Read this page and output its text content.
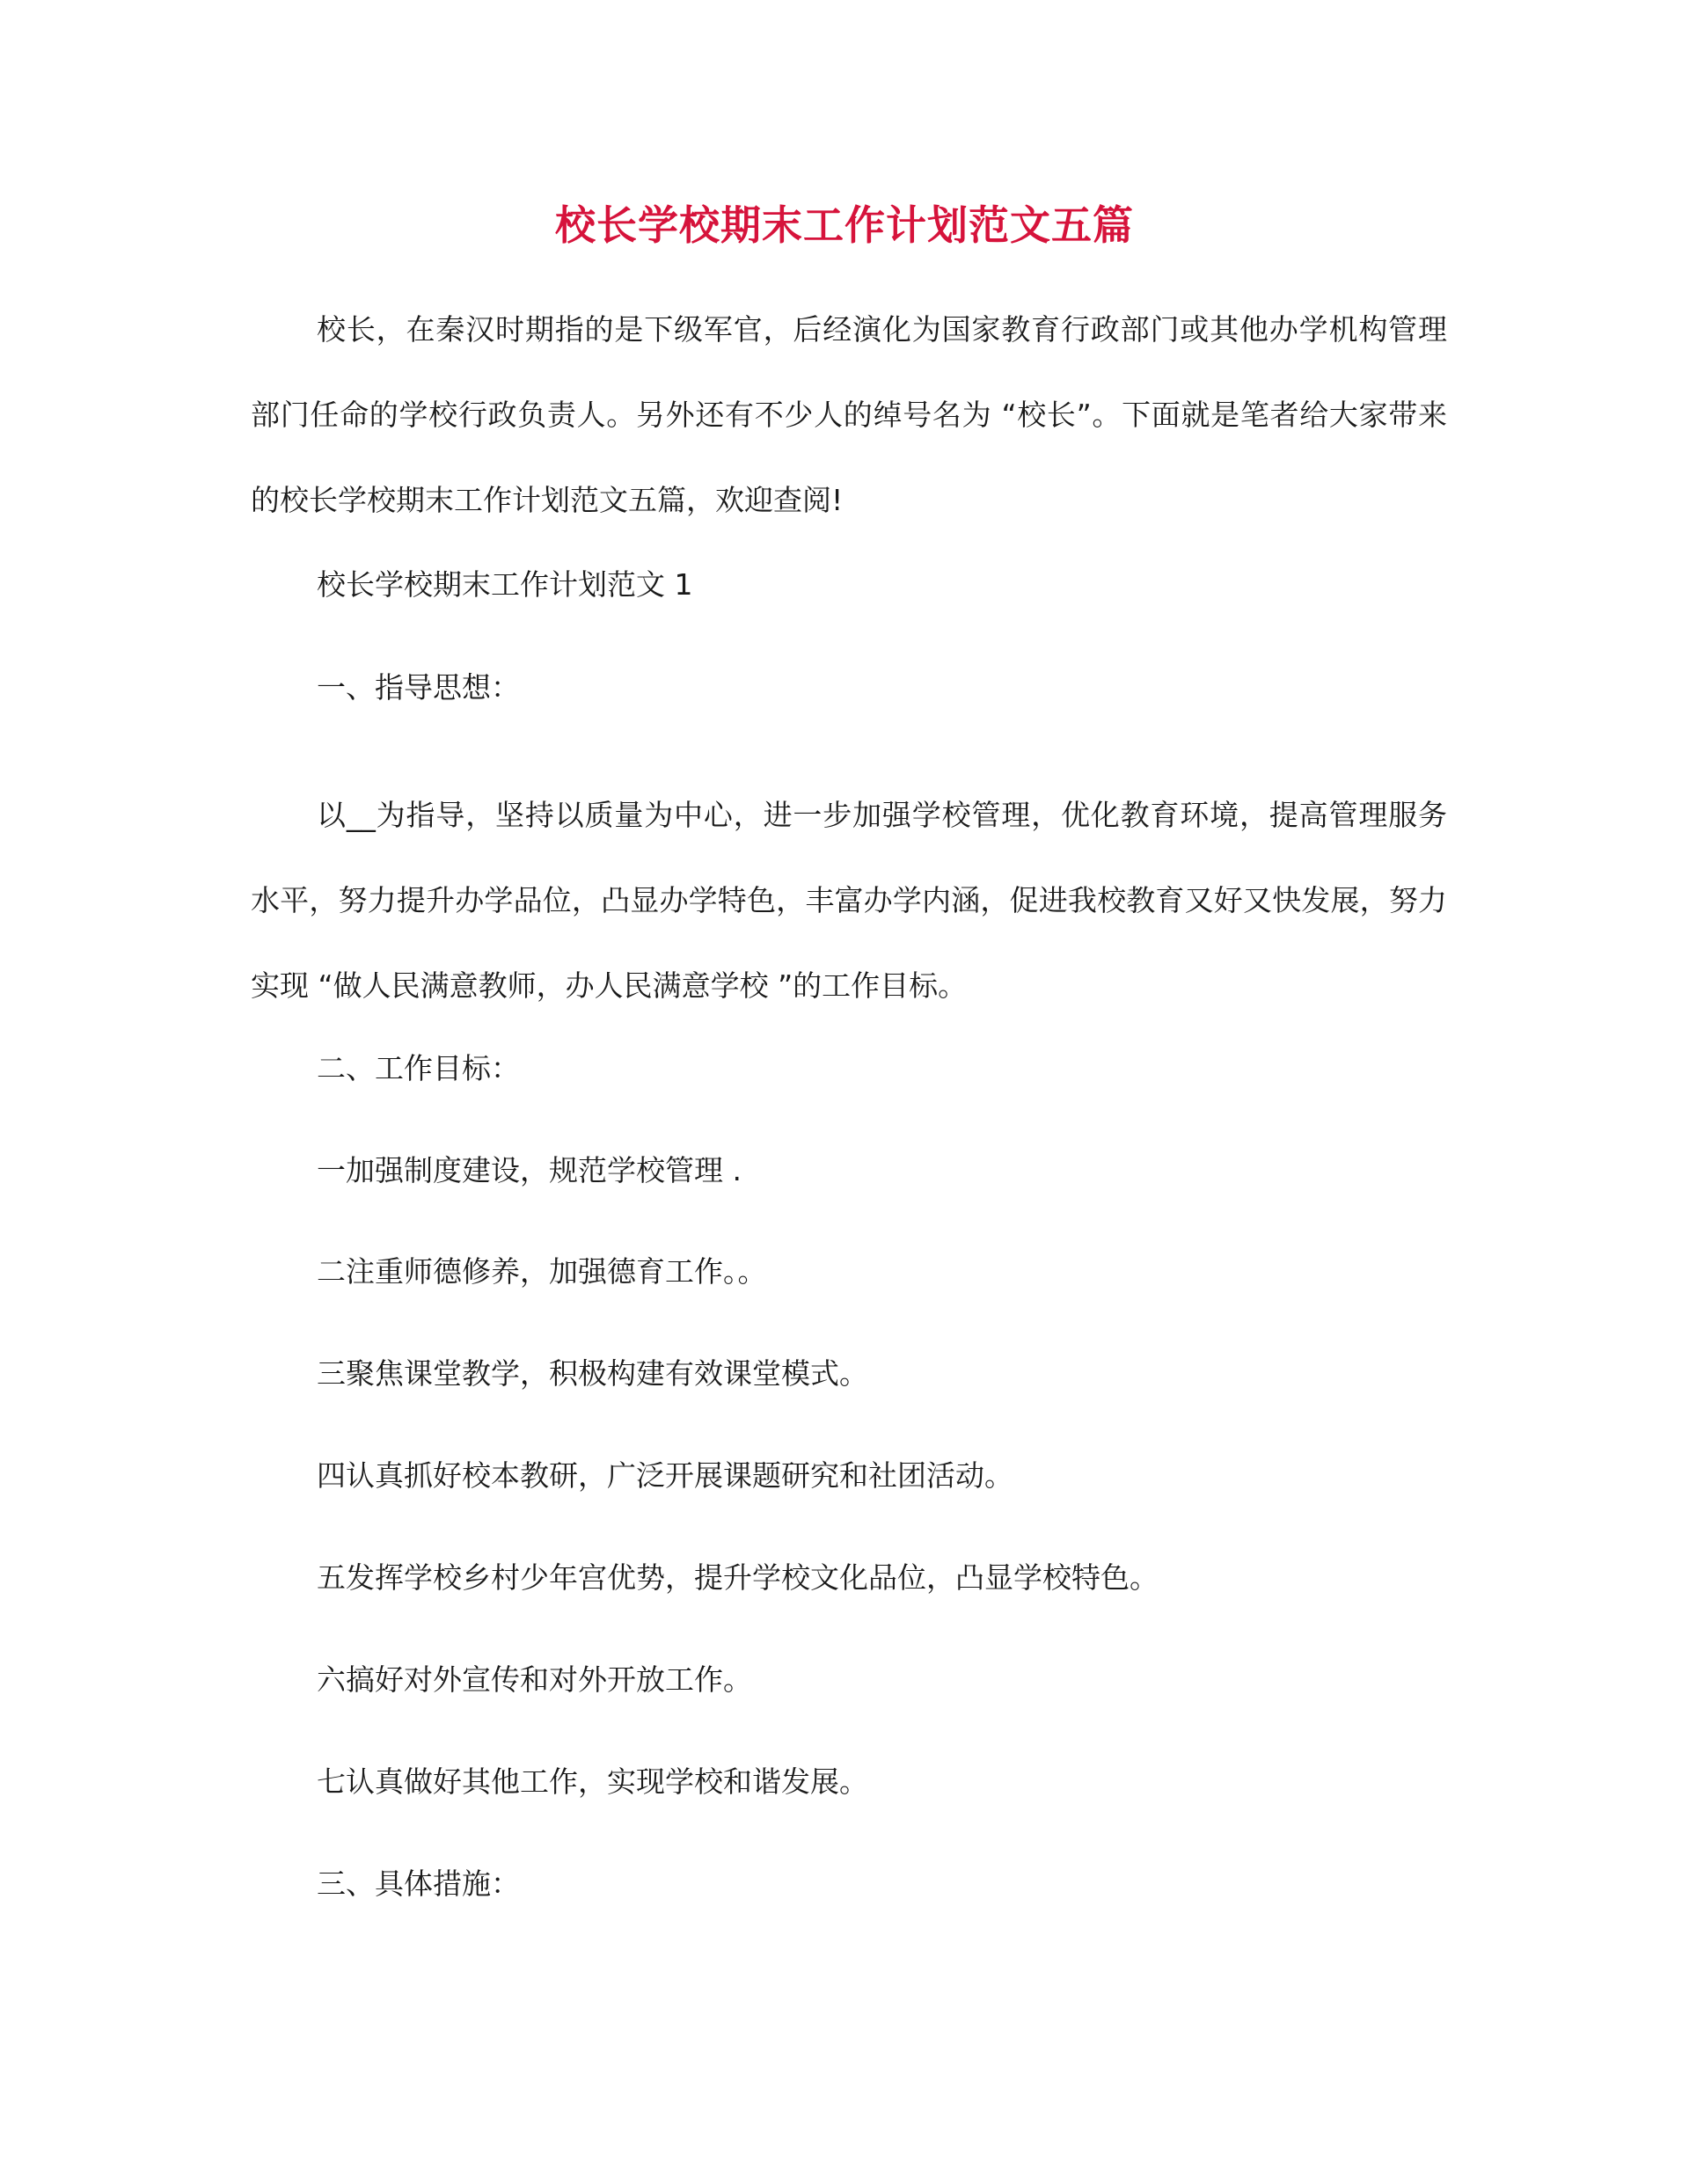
校长学校期末工作计划范文五篇
校长，在秦汉时期指的是下级军官，后经演化为国家教育行政部门或其他办学机构管理部门任命的学校行政负责人。另外还有不少人的绰号名为 “校长”。下面就是笔者给大家带来的校长学校期末工作计划范文五篇，欢迎查阅!
校长学校期末工作计划范文 1
一、指导思想：
以__为指导，坚持以质量为中心，进一步加强学校管理，优化教育环境，提高管理服务水平，努力提升办学品位，凸显办学特色，丰富办学内涵，促进我校教育又好又快发展，努力实现 “做人民满意教师，办人民满意学校 ”的工作目标。
二、工作目标：
一加强制度建设，规范学校管理 .
二注重师德修养，加强德育工作。。
三聚焦课堂教学，积极构建有效课堂模式。
四认真抓好校本教研，广泛开展课题研究和社团活动。
五发挥学校乡村少年宫优势，提升学校文化品位，凸显学校特色。
六搞好对外宣传和对外开放工作。
七认真做好其他工作，实现学校和谐发展。
三、具体措施：
